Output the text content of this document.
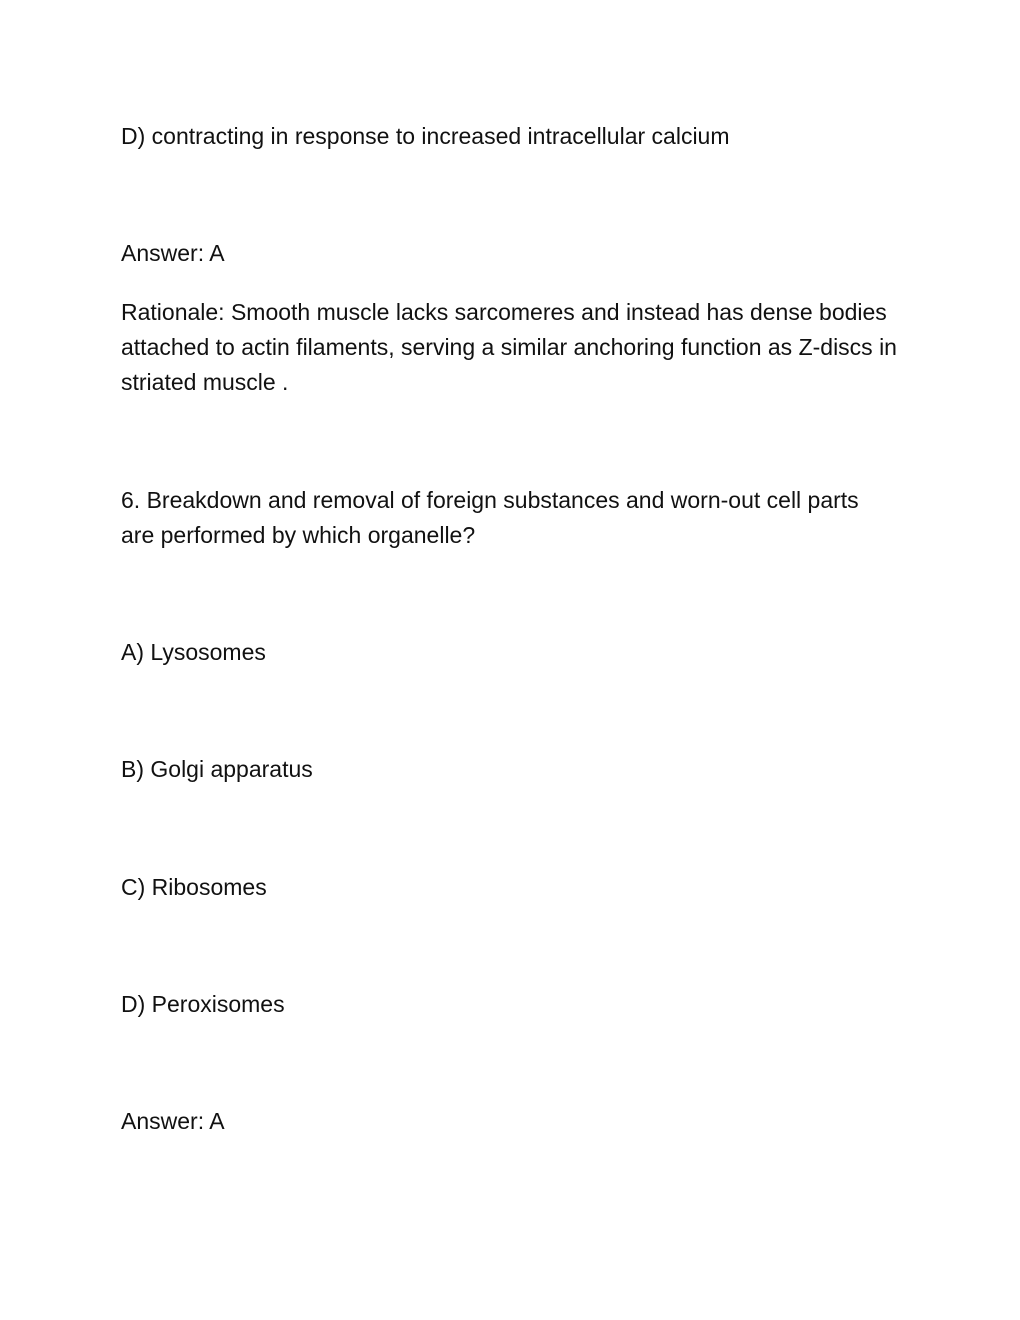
D) contracting in response to increased intracellular calcium

Answer: A

Rationale: Smooth muscle lacks sarcomeres and instead has dense bodies attached to actin filaments, serving a similar anchoring function as Z-discs in striated muscle .

6. Breakdown and removal of foreign substances and worn-out cell parts are performed by which organelle?

A) Lysosomes

B) Golgi apparatus

C) Ribosomes

D) Peroxisomes

Answer: A
